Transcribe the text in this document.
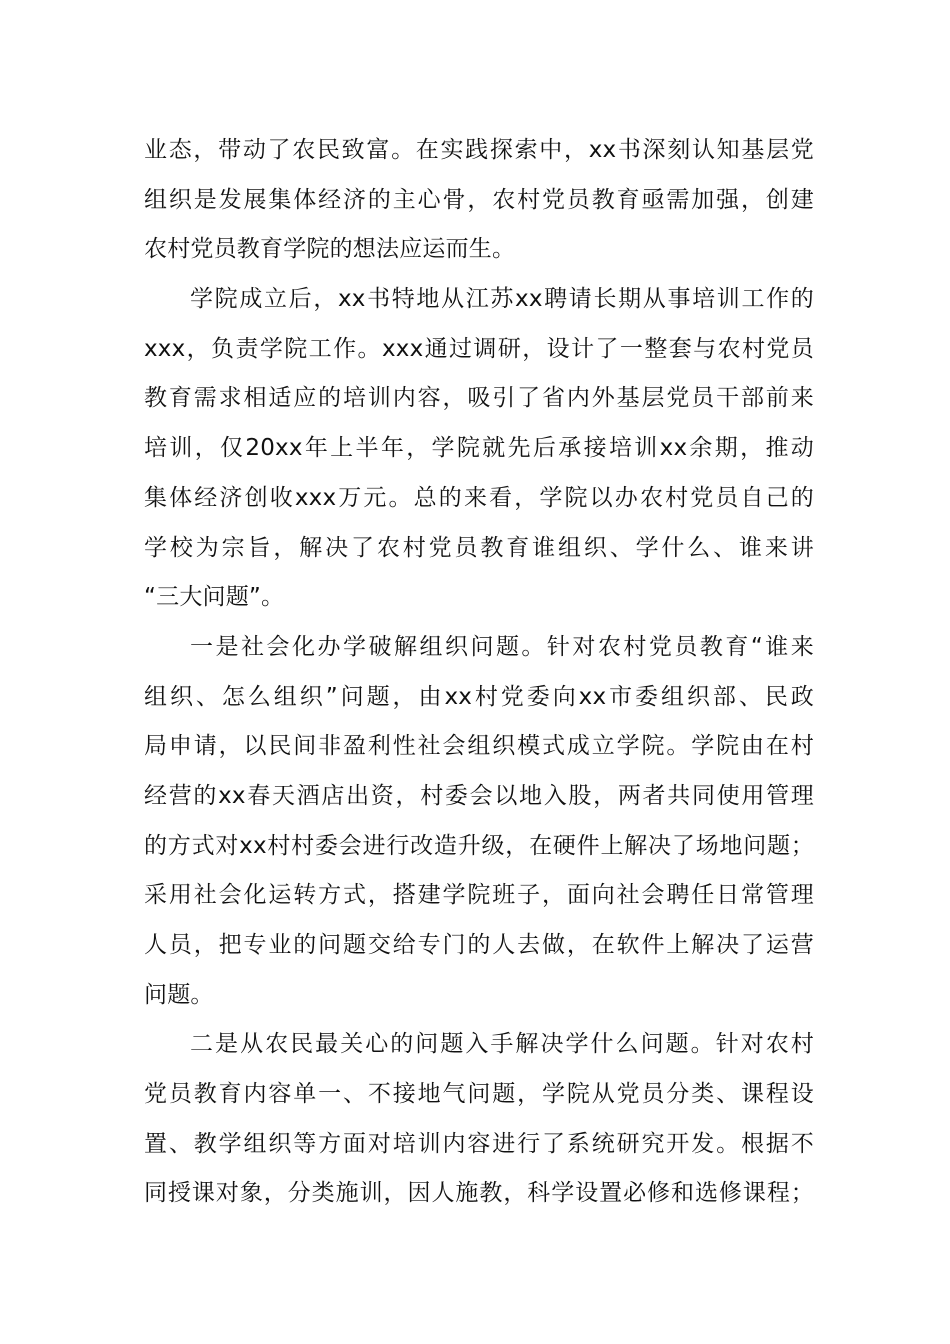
业态，带动了农民致富。在实践探索中，xx书深刻认知基层党
组织是发展集体经济的主心骨，农村党员教育亟需加强，创建
农村党员教育学院的想法应运而生。
学院成立后，xx书特地从江苏xx聘请长期从事培训工作的
xxx，负责学院工作。xxx通过调研，设计了一整套与农村党员
教育需求相适应的培训内容，吸引了省内外基层党员干部前来
培训，仅20xx年上半年，学院就先后承接培训xx余期，推动
集体经济创收xxx万元。总的来看，学院以办农村党员自己的
学校为宗旨，解决了农村党员教育谁组织、学什么、谁来讲
“三大问题”。
一是社会化办学破解组织问题。针对农村党员教育“谁来
组织、怎么组织”问题，由xx村党委向xx市委组织部、民政
局申请，以民间非盈利性社会组织模式成立学院。学院由在村
经营的xx春天酒店出资，村委会以地入股，两者共同使用管理
的方式对xx村村委会进行改造升级，在硬件上解决了场地问题；
采用社会化运转方式，搭建学院班子，面向社会聘任日常管理
人员，把专业的问题交给专门的人去做，在软件上解决了运营
问题。
二是从农民最关心的问题入手解决学什么问题。针对农村
党员教育内容单一、不接地气问题，学院从党员分类、课程设
置、教学组织等方面对培训内容进行了系统研究开发。根据不
同授课对象，分类施训，因人施教，科学设置必修和选修课程；
